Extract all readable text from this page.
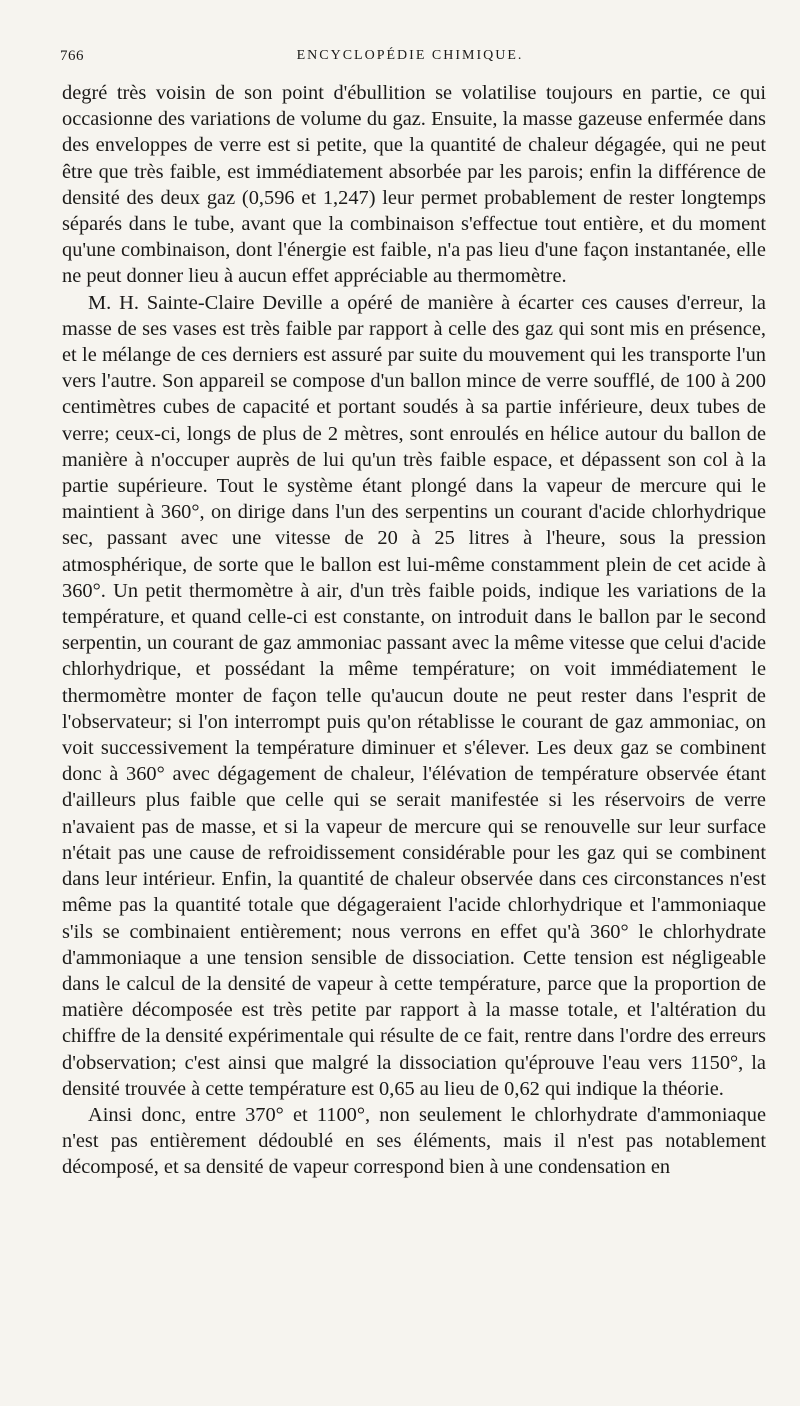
766	ENCYCLOPÉDIE CHIMIQUE.

degré très voisin de son point d'ébullition se volatilise toujours en partie, ce qui occasionne des variations de volume du gaz. Ensuite, la masse gazeuse enfermée dans des enveloppes de verre est si petite, que la quantité de chaleur dégagée, qui ne peut être que très faible, est immédiatement absorbée par les parois; enfin la différence de densité des deux gaz (0,596 et 1,247) leur permet probablement de rester longtemps séparés dans le tube, avant que la combinaison s'effectue tout entière, et du moment qu'une combinaison, dont l'énergie est faible, n'a pas lieu d'une façon instantanée, elle ne peut donner lieu à aucun effet appréciable au thermomètre.

M. H. Sainte-Claire Deville a opéré de manière à écarter ces causes d'erreur, la masse de ses vases est très faible par rapport à celle des gaz qui sont mis en présence, et le mélange de ces derniers est assuré par suite du mouvement qui les transporte l'un vers l'autre. Son appareil se compose d'un ballon mince de verre soufflé, de 100 à 200 centimètres cubes de capacité et portant soudés à sa partie inférieure, deux tubes de verre; ceux-ci, longs de plus de 2 mètres, sont enroulés en hélice autour du ballon de manière à n'occuper auprès de lui qu'un très faible espace, et dépassent son col à la partie supérieure. Tout le système étant plongé dans la vapeur de mercure qui le maintient à 360°, on dirige dans l'un des serpentins un courant d'acide chlorhydrique sec, passant avec une vitesse de 20 à 25 litres à l'heure, sous la pression atmosphérique, de sorte que le ballon est lui-même constamment plein de cet acide à 360°. Un petit thermomètre à air, d'un très faible poids, indique les variations de la température, et quand celle-ci est constante, on introduit dans le ballon par le second serpentin, un courant de gaz ammoniac passant avec la même vitesse que celui d'acide chlorhydrique, et possédant la même température; on voit immédiatement le thermomètre monter de façon telle qu'aucun doute ne peut rester dans l'esprit de l'observateur; si l'on interrompt puis qu'on rétablisse le courant de gaz ammoniac, on voit successivement la température diminuer et s'élever. Les deux gaz se combinent donc à 360° avec dégagement de chaleur, l'élévation de température observée étant d'ailleurs plus faible que celle qui se serait manifestée si les réservoirs de verre n'avaient pas de masse, et si la vapeur de mercure qui se renouvelle sur leur surface n'était pas une cause de refroidissement considérable pour les gaz qui se combinent dans leur intérieur. Enfin, la quantité de chaleur observée dans ces circonstances n'est même pas la quantité totale que dégageraient l'acide chlorhydrique et l'ammoniaque s'ils se combinaient entièrement; nous verrons en effet qu'à 360° le chlorhydrate d'ammoniaque a une tension sensible de dissociation. Cette tension est négligeable dans le calcul de la densité de vapeur à cette température, parce que la proportion de matière décomposée est très petite par rapport à la masse totale, et l'altération du chiffre de la densité expérimentale qui résulte de ce fait, rentre dans l'ordre des erreurs d'observation; c'est ainsi que malgré la dissociation qu'éprouve l'eau vers 1150°, la densité trouvée à cette température est 0,65 au lieu de 0,62 qui indique la théorie.

Ainsi donc, entre 370° et 1100°, non seulement le chlorhydrate d'ammoniaque n'est pas entièrement dédoublé en ses éléments, mais il n'est pas notablement décomposé, et sa densité de vapeur correspond bien à une condensation en
